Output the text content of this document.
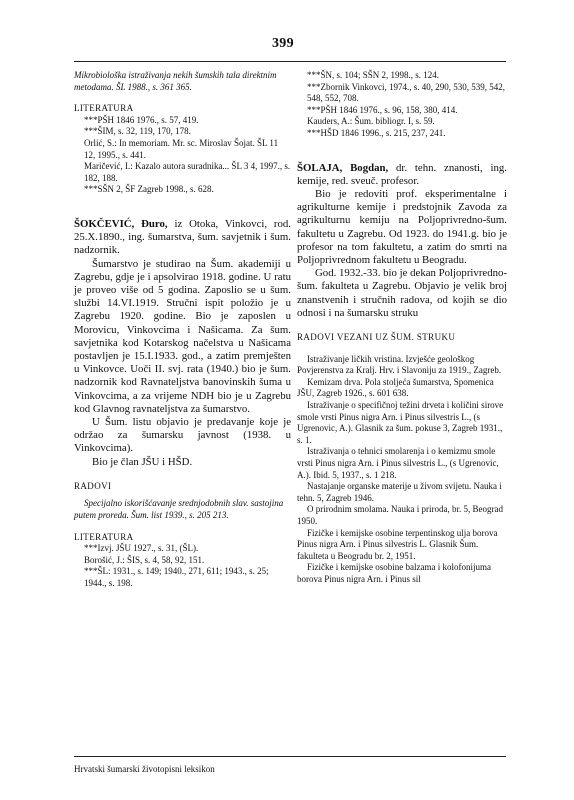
399

Mikrobiološka istraživanja nekih šumskih tala direktnim metodama. ŠL 1988., s. 361 365.

LITERATURA

***PŠH 1846 1976., s. 57, 419.

***ŠIM, s. 32, 119, 170, 178.

Orlić, S.: In memoriam. Mr. sc. Miroslav Šojat. ŠL 11 12, 1995., s. 441.

Maričević, I.: Kazalo autora suradnika... ŠL 3 4, 1997., s. 182, 188.

***SŠN 2, ŠF Zagreb 1998., s. 628.

ŠOKČEVIĆ, Đuro, iz Otoka, Vinkovci, rod. 25.X.1890., ing. šumarstva, šum. savjetnik i šum. nadzornik.

Šumarstvo je studirao na Šum. akademiji u Zagrebu, gdje je i apsolvirao 1918. godine. U ratu je proveo više od 5 godina. Zaposlio se u šum. službi 14.VI.1919. Stručni ispit položio je u Zagrebu 1920. godine. Bio je zaposlen u Morovicu, Vinkovcima i Našicama. Za šum. savjetnika kod Kotarskog načelstva u Našicama postavljen je 15.I.1933. god., a zatim premješten u Vinkovce. Uoči II. svj. rata (1940.) bio je šum. nadzornik kod Ravnateljstva banovinskih šuma u Vinkovcima, a za vrijeme NDH bio je u Zagrebu kod Glavnog ravnateljstva za šumarstvo.

U Šum. listu objavio je predavanje koje je održao za šumarsku javnost (1938. u Vinkovcima).

Bio je član JŠU i HŠD.

RADOVI

Specijalno iskorišćavanje srednjodobnih slav. sastojina putem proreda. Šum. list 1939., s. 205 213.

LITERATURA

***Izvj. JŠU 1927., s. 31, (ŠL).

Borošić, J.: ŠIS, s. 4, 58, 92, 151.

***ŠL: 1931., s. 149; 1940., 271, 611; 1943., s. 25; 1944., s. 198.

***ŠN, s. 104; SŠN 2, 1998., s. 124.

***Zbornik Vinkovci, 1974., s. 40, 290, 530, 539, 542, 548, 552, 708.

***PŠH 1846 1976., s. 96, 158, 380, 414.

Kauders, A.: Šum. bibliogr. I, s. 59.

***HŠD 1846 1996., s. 215, 237, 241.

ŠOLAJA, Bogdan, dr. tehn. znanosti, ing. kemije, red. sveuč. profesor.

Bio je redoviti prof. eksperimentalne i agrikulturne kemije i predstojnik Zavoda za agrikulturnu kemiju na Poljoprivredno-šum. fakultetu u Zagrebu. Od 1923. do 1941.g. bio je profesor na tom fakultetu, a zatim do smrti na Poljoprivrednom fakultetu u Beogradu.

God. 1932.-33. bio je dekan Poljoprivredno-šum. fakulteta u Zagrebu. Objavio je velik broj znanstvenih i stručnih radova, od kojih se dio odnosi i na šumarsku struku

RADOVI VEZANI UZ ŠUM. STRUKU

Istraživanje ličkih vristina. Izvješće geološkog Povjerenstva za Kralj. Hrv. i Slavoniju za 1919., Zagreb.

Kemizam drva. Pola stoljeća šumarstva, Spomenica JŠU, Zagreb 1926., s. 601 638.

Istraživanje o specifičnoj težini drveta i količini sirove smole vrsti Pinus nigra Arn. i Pinus silvestris L., (s Ugrenovic, A.). Glasnik za šum. pokuse 3, Zagreb 1931., s. 1.

Istraživanja o tehnici smolarenja i o kemizmu smole vrsti Pinus nigra Arn. i Pinus silvestris L., (s Ugrenovic, A.). Ibid. 5, 1937., s. 1 218.

Nastajanje organske materije u živom svijetu. Nauka i tehn. 5, Zagreb 1946.

O prirodnim smolama. Nauka i priroda, br. 5, Beograd 1950.

Fizičke i kemijske osobine terpentinskog ulja borova Pinus nigra Arn. i Pinus silvestris L. Glasnik Šum. fakulteta u Beogradu br. 2, 1951.

Fizičke i kemijske osobine balzama i kolofonijuma borova Pinus nigra Arn. i Pinus sil

Hrvatski šumarski životopisni leksikon
